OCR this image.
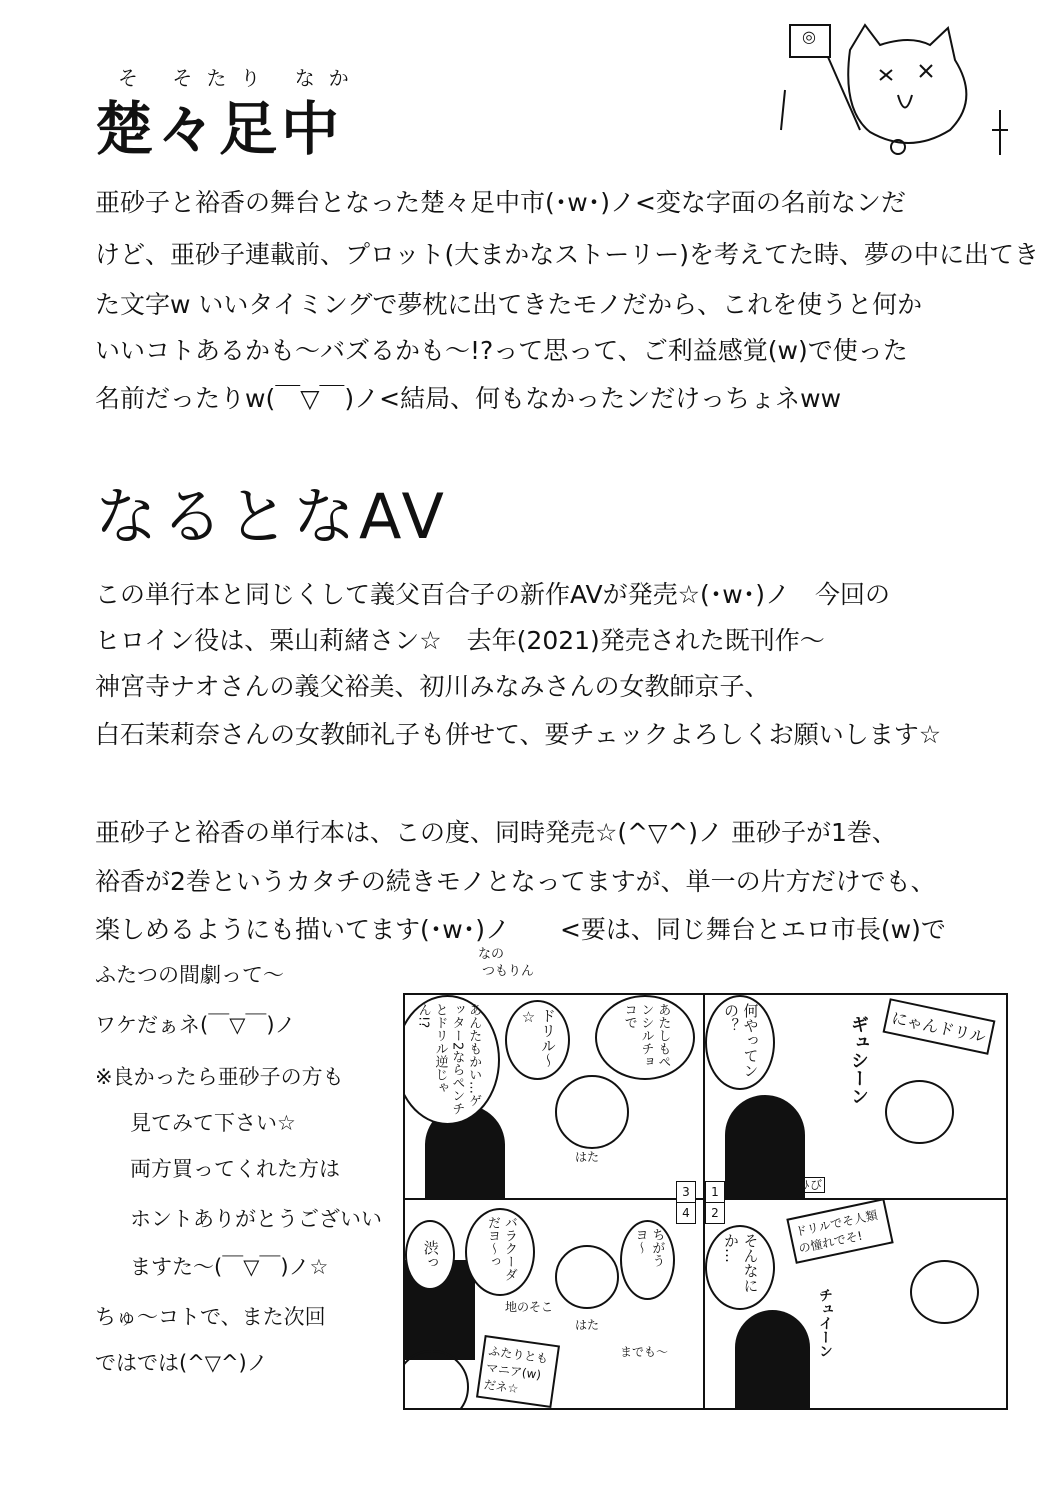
◎
そ そたり なか
楚々足中
亜砂子と裕香の舞台となった楚々足中市(･w･)ノ<変な字面の名前なンだ
けど、亜砂子連載前、プロット(大まかなストーリー)を考えてた時、夢の中に出てき
た文字w いいタイミングで夢枕に出てきたモノだから、これを使うと何か
いいコトあるかも〜バズるかも〜!?って思って、ご利益感覚(w)で使った
名前だったりw(￣▽￣)ノ<結局、何もなかったンだけっちょネww
なるとなAV
この単行本と同じくして義父百合子の新作AVが発売☆(･w･)ノ　今回の
ヒロイン役は、栗山莉緒さン☆　去年(2021)発売された既刊作〜
神宮寺ナオさんの義父裕美、初川みなみさんの女教師京子、
白石茉莉奈さんの女教師礼子も併せて、要チェックよろしくお願いします☆
亜砂子と裕香の単行本は、この度、同時発売☆(^▽^)ノ 亜砂子が1巻、
裕香が2巻というカタチの続きモノとなってますが、単一の片方だけでも、
楽しめるようにも描いてます(･w･)ノ　　<要は、同じ舞台とエロ市長(w)で
なの
つもりん
ふたつの間劇って〜
ワケだぁネ(￣▽￣)ノ
※良かったら亜砂子の方も
見てみて下さい☆
両方買ってくれた方は
ホントありがとうございい
ますた〜(￣▽￣)ノ☆
ちゅ〜コトで、また次回
ではでは(^▽^)ノ
はた
あんたもかい…ゲッター2ならペンチとドリル逆じゃん!?	ドリル〜☆	あたしもペンシルチョコで	何やってンの？	ギュシーン	にゃんドリル
ひび
渋っ	バラクーダだヨ〜っ	ちがうヨ〜
はた
地のそこ
までも〜
ふたりともマニア(w)だネ☆
そんなにか…
ドリルでそ人類の憧れでそ!
チュイーン
3	1
4	2
